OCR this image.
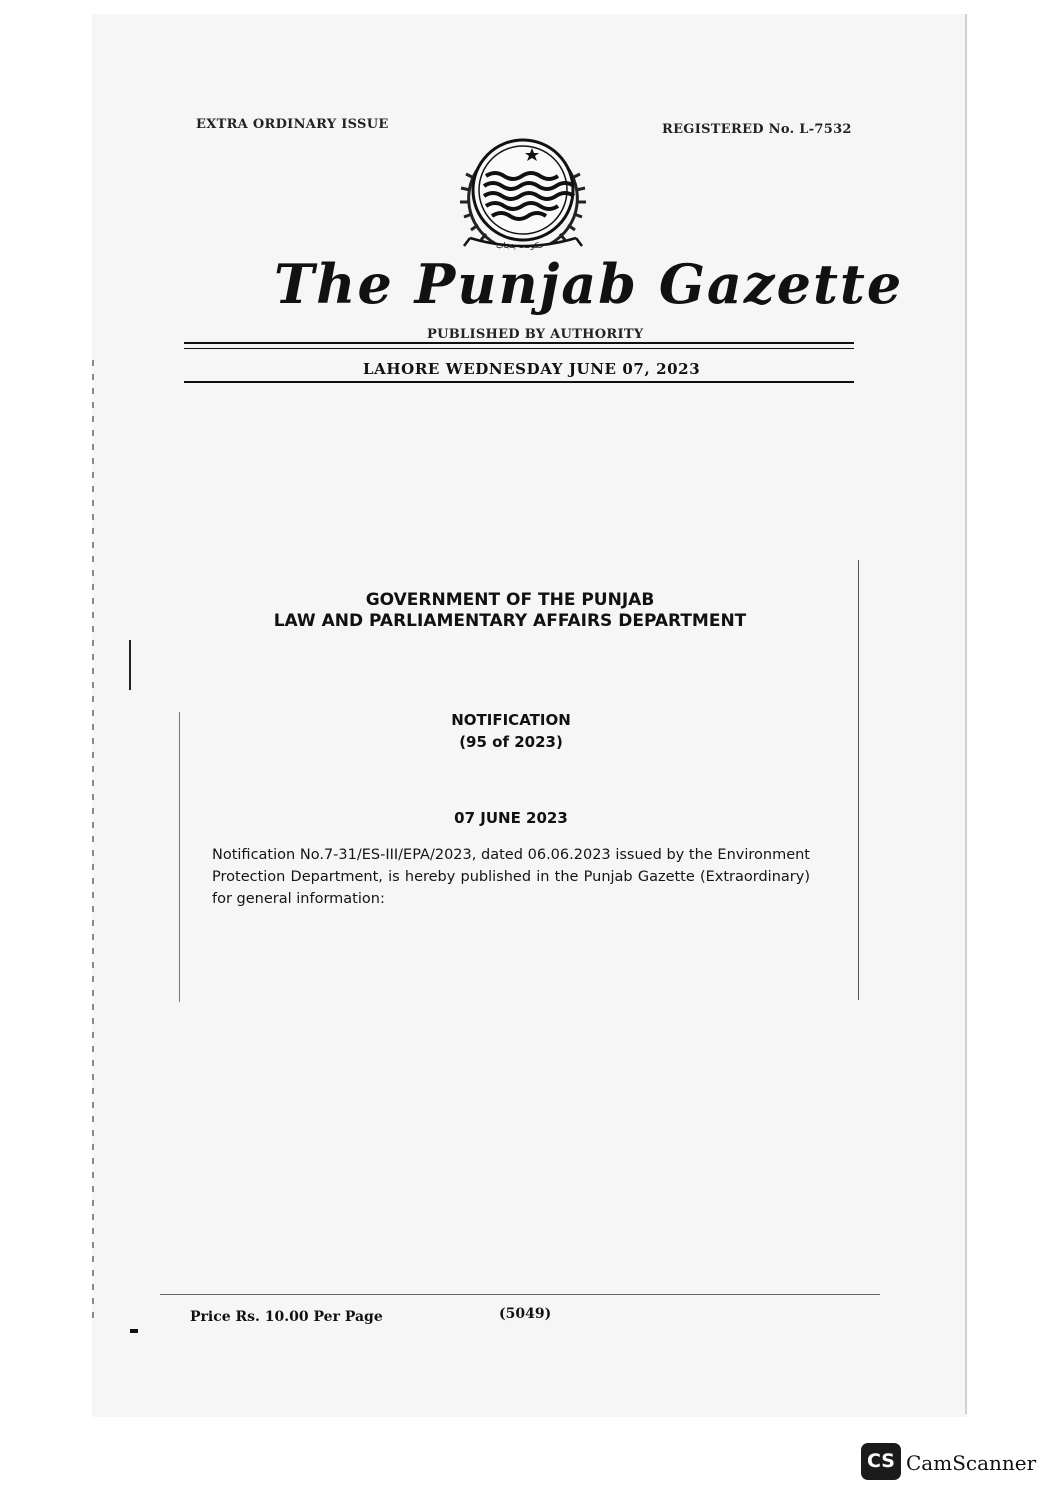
EXTRA ORDINARY ISSUE	REGISTERED No. L-7532
حکومت پنجاب
The Punjab Gazette
PUBLISHED BY AUTHORITY
LAHORE WEDNESDAY JUNE 07, 2023
GOVERNMENT OF THE PUNJAB
LAW AND PARLIAMENTARY AFFAIRS DEPARTMENT
NOTIFICATION
(95 of 2023)
07 JUNE 2023
Notification No.7-31/ES-III/EPA/2023, dated 06.06.2023 issued by the Environment Protection Department, is hereby published in the Punjab Gazette (Extraordinary) for general information:
Price Rs. 10.00 Per Page	(5049)
CS CamScanner
